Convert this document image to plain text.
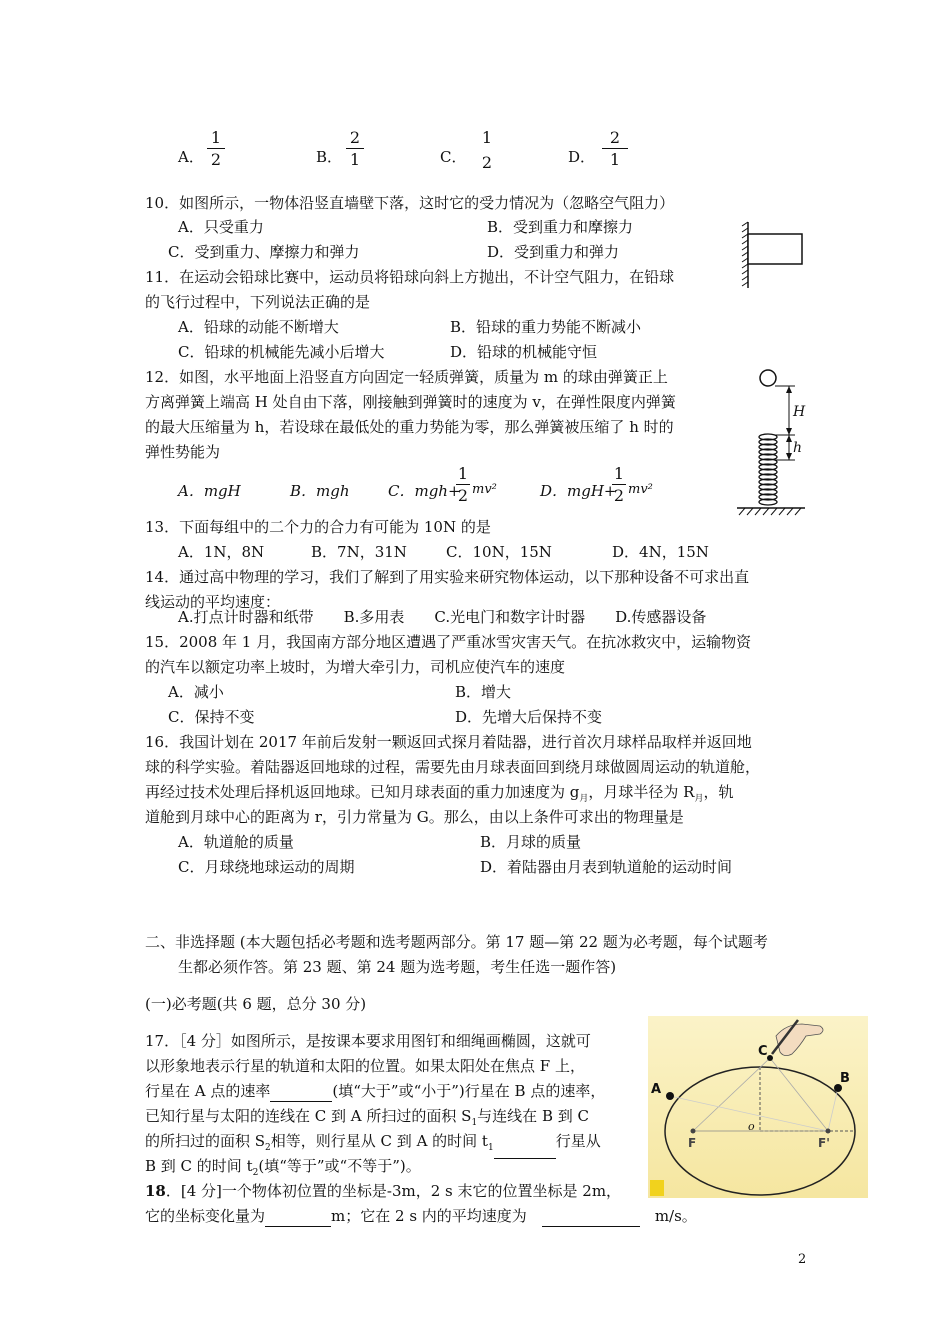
A．
1
2	B．
2
1	C．
1
2	D．
2
1
10．如图所示，一物体沿竖直墙壁下落，这时它的受力情况为（忽略空气阻力）
A．只受重力	B．受到重力和摩擦力
C．受到重力、摩擦力和弹力	D．受到重力和弹力
11．在运动会铅球比赛中，运动员将铅球向斜上方抛出，不计空气阻力，在铅球
的飞行过程中，下列说法正确的是
A．铅球的动能不断增大	B．铅球的重力势能不断减小
C．铅球的机械能先减小后增大	D．铅球的机械能守恒
12．如图，水平地面上沿竖直方向固定一轻质弹簧，质量为 m 的球由弹簧正上
方离弹簧上端高 H 处自由下落，刚接触到弹簧时的速度为 v，在弹性限度内弹簧
的最大压缩量为 h，若设球在最低处的重力势能为零，那么弹簧被压缩了 h 时的
弹性势能为
A．mgH	B．mgh	C．mgh+
1
2 mv²	D．mgH+
1
2 mv²
H
h
13．下面每组中的二个力的合力有可能为 10N 的是
A．1N，8N	B．7N，31N	C．10N，15N	D．4N，15N
14．通过高中物理的学习，我们了解到了用实验来研究物体运动，以下那种设备不可求出直
线运动的平均速度：
A.打点计时器和纸带　　B.多用表　　C.光电门和数字计时器　　D.传感器设备
15．2008 年 1 月，我国南方部分地区遭遇了严重冰雪灾害天气。在抗冰救灾中，运输物资
的汽车以额定功率上坡时，为增大牵引力，司机应使汽车的速度
A．减小	B．增大
C．保持不变	D．先增大后保持不变
16．我国计划在 2017 年前后发射一颗返回式探月着陆器，进行首次月球样品取样并返回地
球的科学实验。着陆器返回地球的过程，需要先由月球表面回到绕月球做圆周运动的轨道舱，
再经过技术处理后择机返回地球。已知月球表面的重力加速度为 $g_月$，月球半径为 $R_月$，轨
道舱到月球中心的距离为 r，引力常量为 G。那么，由以上条件可求出的物理量是
A．轨道舱的质量	B．月球的质量
C．月球绕地球运动的周期	D．着陆器由月表到轨道舱的运动时间
二、非选择题 (本大题包括必考题和选考题两部分。第 17 题—第 22 题为必考题，每个试题考
生都必须作答。第 23 题、第 24 题为选考题，考生任选一题作答)
(一)必考题(共 6 题，总分 30 分)
17．［4 分］如图所示，是按课本要求用图钉和细绳画椭圆，这就可
以形象地表示行星的轨道和太阳的位置。如果太阳处在焦点 F 上，
行星在 A 点的速率	(填“大于”或“小于”)行星在 B 点的速率，
已知行星与太阳的连线在 C 到 A 所扫过的面积 $S_1$与连线在 B 到 C
的所扫过的面积 $S_2$相等，则行星从 C 到 A 的时间 $t_1$	行星从
B 到 C 的时间 $t_2$(填“等于”或“不等于”)。
A
B
C
F	F'
o
18．[4 分]一个物体初位置的坐标是-3m，2 s 末它的位置坐标是 2m，
它的坐标变化量为	m；它在 2 s 内的平均速度为　　	m/s。
2
